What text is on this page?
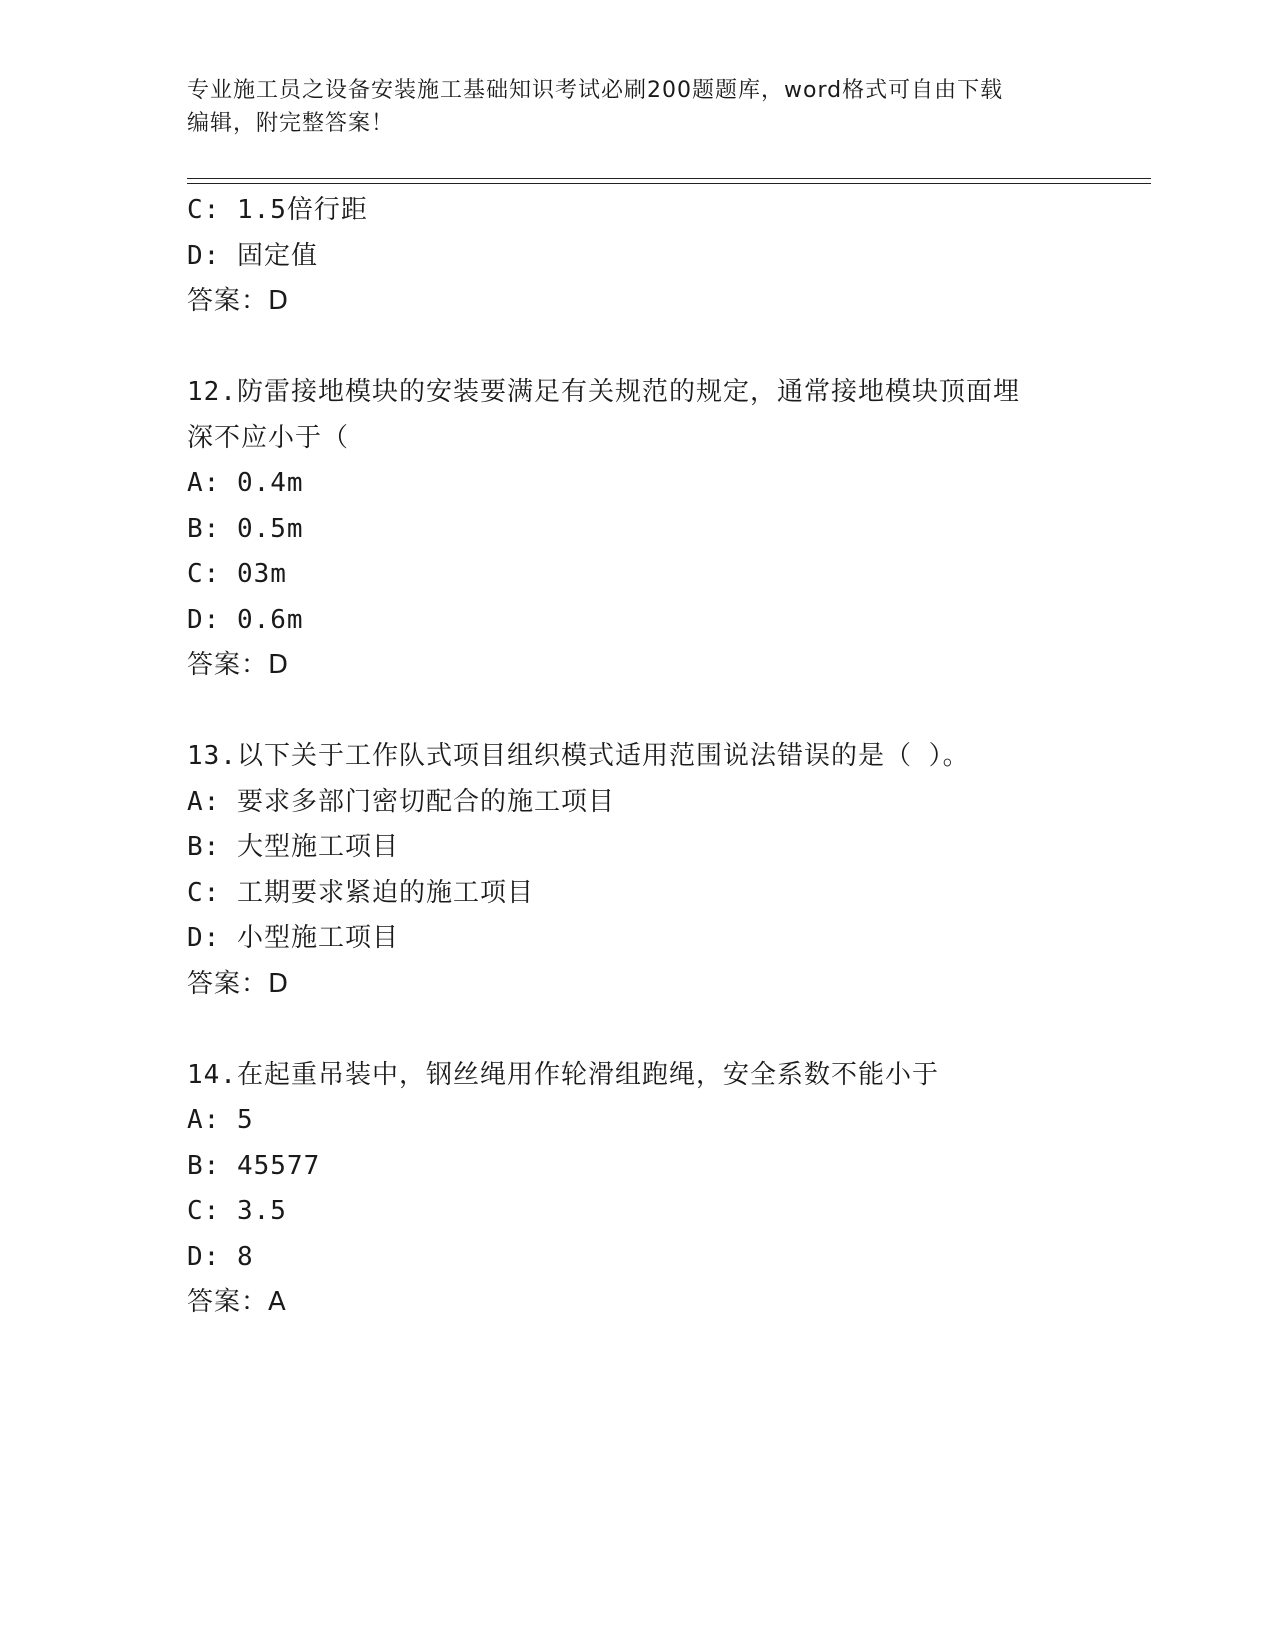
专业施工员之设备安装施工基础知识考试必刷200题题库，word格式可自由下载
编辑，附完整答案！
C: 1.5倍行距
D: 固定值
答案：D
12.防雷接地模块的安装要满足有关规范的规定，通常接地模块顶面埋
深不应小于（
A: 0.4m
B: 0.5m
C: 03m
D: 0.6m
答案：D
13.以下关于工作队式项目组织模式适用范围说法错误的是（ ）。
A: 要求多部门密切配合的施工项目
B: 大型施工项目
C: 工期要求紧迫的施工项目
D: 小型施工项目
答案：D
14.在起重吊装中，钢丝绳用作轮滑组跑绳，安全系数不能小于
A: 5
B: 45577
C: 3.5
D: 8
答案：A
